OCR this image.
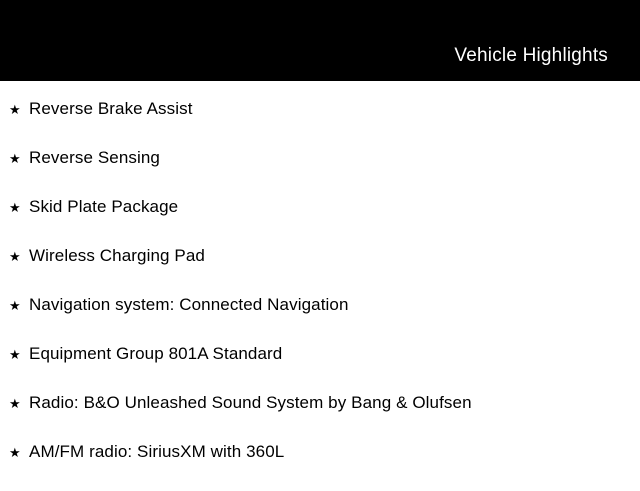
Vehicle Highlights
★ Reverse Brake Assist
★ Reverse Sensing
★ Skid Plate Package
★ Wireless Charging Pad
★ Navigation system: Connected Navigation
★ Equipment Group 801A Standard
★ Radio: B&O Unleashed Sound System by Bang & Olufsen
★ AM/FM radio: SiriusXM with 360L
